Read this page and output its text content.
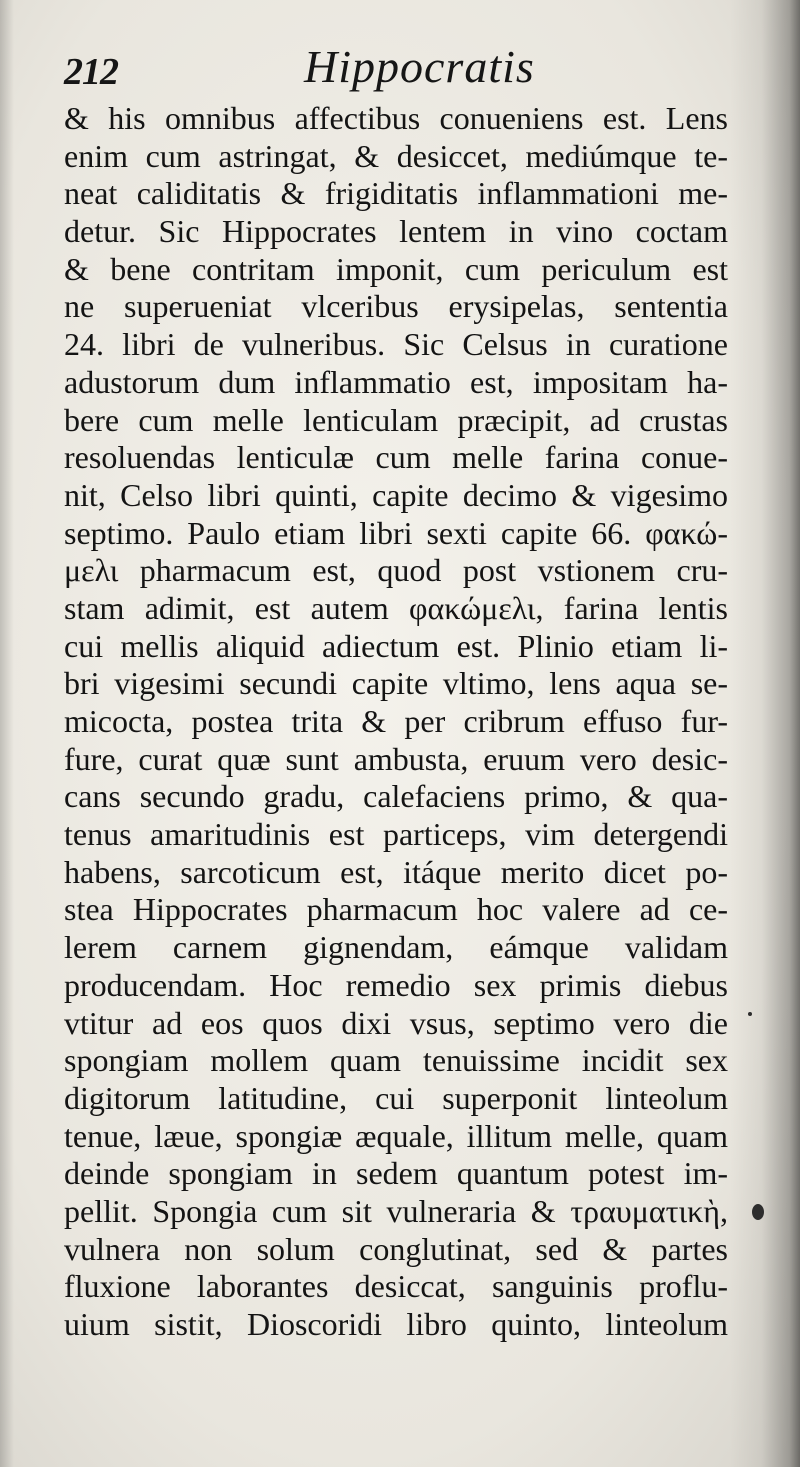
212	Hippocratis
& his omnibus affectibus conueniens est. Lens
enim cum astringat, & desiccet, mediúmque te-
neat caliditatis & frigiditatis inflammationi me-
detur. Sic Hippocrates lentem in vino coctam
& bene contritam imponit, cum periculum est
ne superueniat vlceribus erysipelas, sententia
24. libri de vulneribus. Sic Celsus in curatione
adustorum dum inflammatio est, impositam ha-
bere cum melle lenticulam præcipit, ad crustas
resoluendas lenticulæ cum melle farina conue-
nit, Celso libri quinti, capite decimo & vigesimo
septimo. Paulo etiam libri sexti capite 66. φακώ-
μελι pharmacum est, quod post vstionem cru-
stam adimit, est autem φακώμελι, farina lentis
cui mellis aliquid adiectum est. Plinio etiam li-
bri vigesimi secundi capite vltimo, lens aqua se-
micocta, postea trita & per cribrum effuso fur-
fure, curat quæ sunt ambusta, eruum vero desic-
cans secundo gradu, calefaciens primo, & qua-
tenus amaritudinis est particeps, vim detergendi
habens, sarcoticum est, itáque merito dicet po-
stea Hippocrates pharmacum hoc valere ad ce-
lerem carnem gignendam, eámque validam
producendam. Hoc remedio sex primis diebus
vtitur ad eos quos dixi vsus, septimo vero die
spongiam mollem quam tenuissime incidit sex
digitorum latitudine, cui superponit linteolum
tenue, læue, spongiæ æquale, illitum melle, quam
deinde spongiam in sedem quantum potest im-
pellit. Spongia cum sit vulneraria & τραυματικὴ,
vulnera non solum conglutinat, sed & partes
fluxione laborantes desiccat, sanguinis proflu-
uium sistit, Dioscoridi libro quinto, linteolum
